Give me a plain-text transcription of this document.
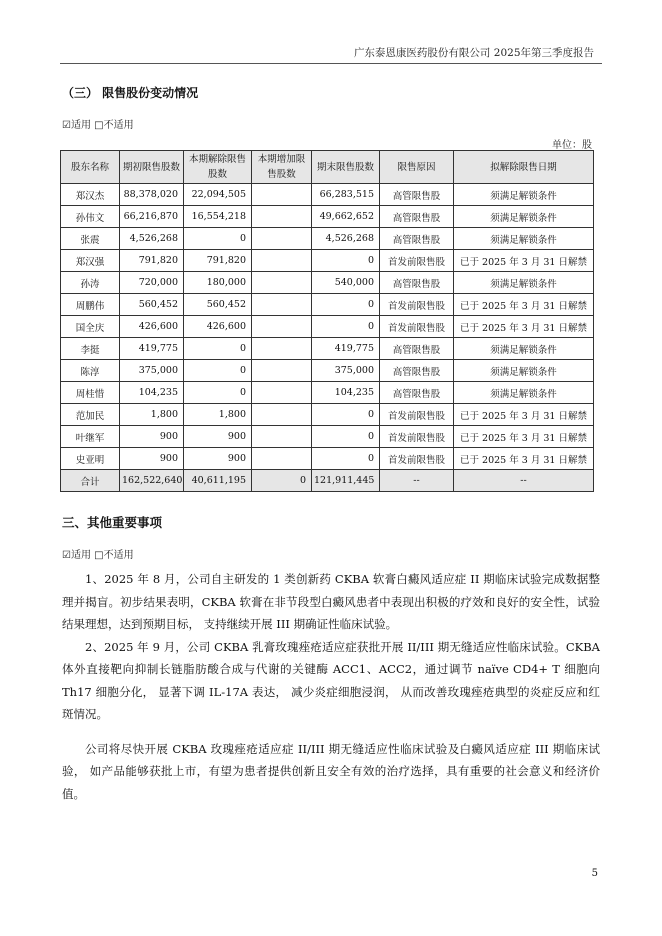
广东泰恩康医药股份有限公司 2025年第三季度报告
（三） 限售股份变动情况
☑适用 □不适用
单位：股
股东名称	期初限售股数	本期解除限售股数	本期增加限售股数	期末限售股数	限售原因	拟解除限售日期
郑汉杰	88,378,020	22,094,505		66,283,515	高管限售股	须满足解锁条件
孙伟文	66,216,870	16,554,218		49,662,652	高管限售股	须满足解锁条件
张震	4,526,268	0		4,526,268	高管限售股	须满足解锁条件
郑汉强	791,820	791,820		0	首发前限售股	已于 2025 年 3 月 31 日解禁
孙涛	720,000	180,000		540,000	高管限售股	须满足解锁条件
周鹏伟	560,452	560,452		0	首发前限售股	已于 2025 年 3 月 31 日解禁
国全庆	426,600	426,600		0	首发前限售股	已于 2025 年 3 月 31 日解禁
李挺	419,775	0		419,775	高管限售股	须满足解锁条件
陈淳	375,000	0		375,000	高管限售股	须满足解锁条件
周桂惜	104,235	0		104,235	高管限售股	须满足解锁条件
范加民	1,800	1,800		0	首发前限售股	已于 2025 年 3 月 31 日解禁
叶继军	900	900		0	首发前限售股	已于 2025 年 3 月 31 日解禁
史亚明	900	900		0	首发前限售股	已于 2025 年 3 月 31 日解禁
合计	162,522,640	40,611,195	0	121,911,445	--	--
三、其他重要事项
☑适用 □不适用

1、2025 年 8 月，公司自主研发的 1 类创新药 CKBA 软膏白癜风适应症 II 期临床试验完成数据整理并揭盲。初步结果表明，CKBA 软膏在非节段型白癜风患者中表现出积极的疗效和良好的安全性，试验结果理想，达到预期目标， 支持继续开展 III 期确证性临床试验。

2、2025 年 9 月，公司 CKBA 乳膏玫瑰痤疮适应症获批开展 II/III 期无缝适应性临床试验。CKBA 体外直接靶向抑制长链脂肪酸合成与代谢的关键酶 ACC1、ACC2，通过调节 naïve CD4+ T 细胞向 Th17 细胞分化， 显著下调 IL-17A 表达， 减少炎症细胞浸润， 从而改善玫瑰痤疮典型的炎症反应和红斑情况。

公司将尽快开展 CKBA 玫瑰痤疮适应症 II/III 期无缝适应性临床试验及白癜风适应症 III 期临床试验， 如产品能够获批上市，有望为患者提供创新且安全有效的治疗选择，具有重要的社会意义和经济价值。

5
